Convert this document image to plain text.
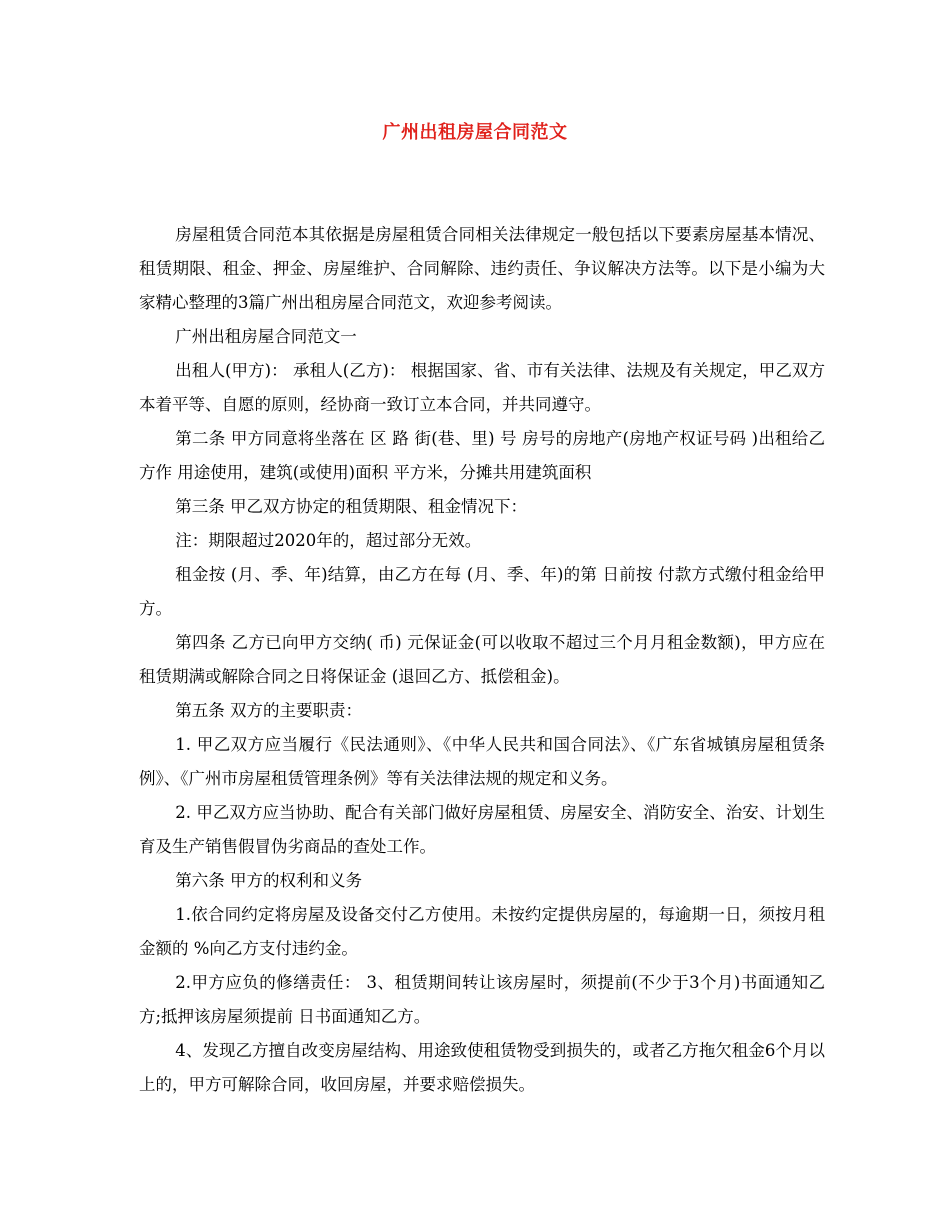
广州出租房屋合同范文

房屋租赁合同范本其依据是房屋租赁合同相关法律规定一般包括以下要素房屋基本情况、租赁期限、租金、押金、房屋维护、合同解除、违约责任、争议解决方法等。以下是小编为大家精心整理的3篇广州出租房屋合同范文，欢迎参考阅读。

广州出租房屋合同范文一

出租人(甲方)： 承租人(乙方)： 根据国家、省、市有关法律、法规及有关规定，甲乙双方本着平等、自愿的原则，经协商一致订立本合同，并共同遵守。

第二条 甲方同意将坐落在 区 路 街(巷、里) 号 房号的房地产(房地产权证号码 )出租给乙方作 用途使用，建筑(或使用)面积 平方米，分摊共用建筑面积

第三条 甲乙双方协定的租赁期限、租金情况下：

注：期限超过2020年的，超过部分无效。

租金按 (月、季、年)结算，由乙方在每 (月、季、年)的第 日前按 付款方式缴付租金给甲方。

第四条 乙方已向甲方交纳( 币) 元保证金(可以收取不超过三个月月租金数额)，甲方应在租赁期满或解除合同之日将保证金 (退回乙方、抵偿租金)。

第五条 双方的主要职责：

1. 甲乙双方应当履行《民法通则》、《中华人民共和国合同法》、《广东省城镇房屋租赁条例》、《广州市房屋租赁管理条例》等有关法律法规的规定和义务。

2. 甲乙双方应当协助、配合有关部门做好房屋租赁、房屋安全、消防安全、治安、计划生育及生产销售假冒伪劣商品的查处工作。

第六条 甲方的权利和义务

1.依合同约定将房屋及设备交付乙方使用。未按约定提供房屋的，每逾期一日，须按月租金额的 %向乙方支付违约金。

2.甲方应负的修缮责任： 3、租赁期间转让该房屋时，须提前(不少于3个月)书面通知乙方;抵押该房屋须提前 日书面通知乙方。

4、发现乙方擅自改变房屋结构、用途致使租赁物受到损失的，或者乙方拖欠租金6个月以上的，甲方可解除合同，收回房屋，并要求赔偿损失。
